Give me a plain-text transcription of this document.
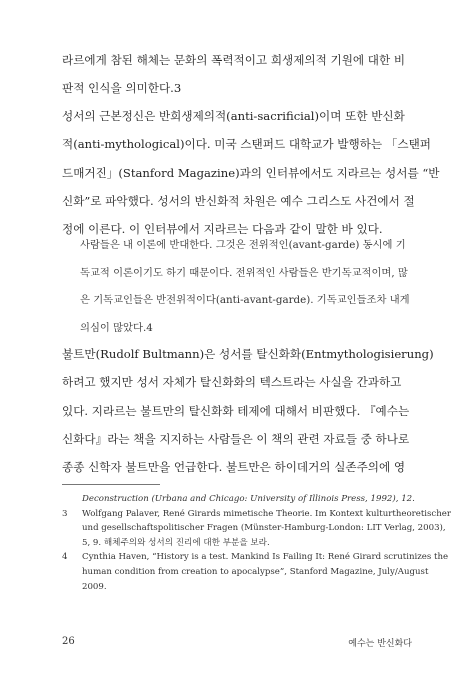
라르에게 참된 해체는 문화의 폭력적이고 희생제의적 기원에 대한 비
판적 인식을 의미한다.3
성서의 근본정신은 반희생제의적(anti-sacrificial)이며 또한 반신화
적(anti-mythological)이다. 미국 스탠퍼드 대학교가 발행하는 「스탠퍼
드매거진」(Stanford Magazine)과의 인터뷰에서도 지라르는 성서를 “반
신화”로 파악했다. 성서의 반신화적 차원은 예수 그리스도 사건에서 절
정에 이른다. 이 인터뷰에서 지라르는 다음과 같이 말한 바 있다.
사람들은 내 이론에 반대한다. 그것은 전위적인(avant-garde) 동시에 기
독교적 이론이기도 하기 때문이다. 전위적인 사람들은 반기독교적이며, 많
은 기독교인들은 반전위적이다(anti-avant-garde). 기독교인들조차 내게
의심이 많았다.4
불트만(Rudolf Bultmann)은 성서를 탈신화화(Entmythologisierung)
하려고 했지만 성서 자체가 탈신화화의 텍스트라는 사실을 간과하고
있다. 지라르는 불트만의 탈신화화 테제에 대해서 비판했다. 『예수는
신화다』라는 책을 지지하는 사람들은 이 책의 관련 자료들 중 하나로
종종 신학자 불트만을 언급한다. 불트만은 하이데거의 실존주의에 영
Deconstruction (Urbana and Chicago: University of Illinois Press, 1992), 12.
3 Wolfgang Palaver, René Girards mimetische Theorie. Im Kontext kulturtheoretischer
und gesellschaftspolitischer Fragen (Münster-Hamburg-London: LIT Verlag, 2003),
5, 9. 해체주의와 성서의 진리에 대한 부분을 보라.
4 Cynthia Haven, “History is a test. Mankind Is Failing It: René Girard scrutinizes the
human condition from creation to apocalypse”, Stanford Magazine, July/August
2009.
26	예수는 반신화다
